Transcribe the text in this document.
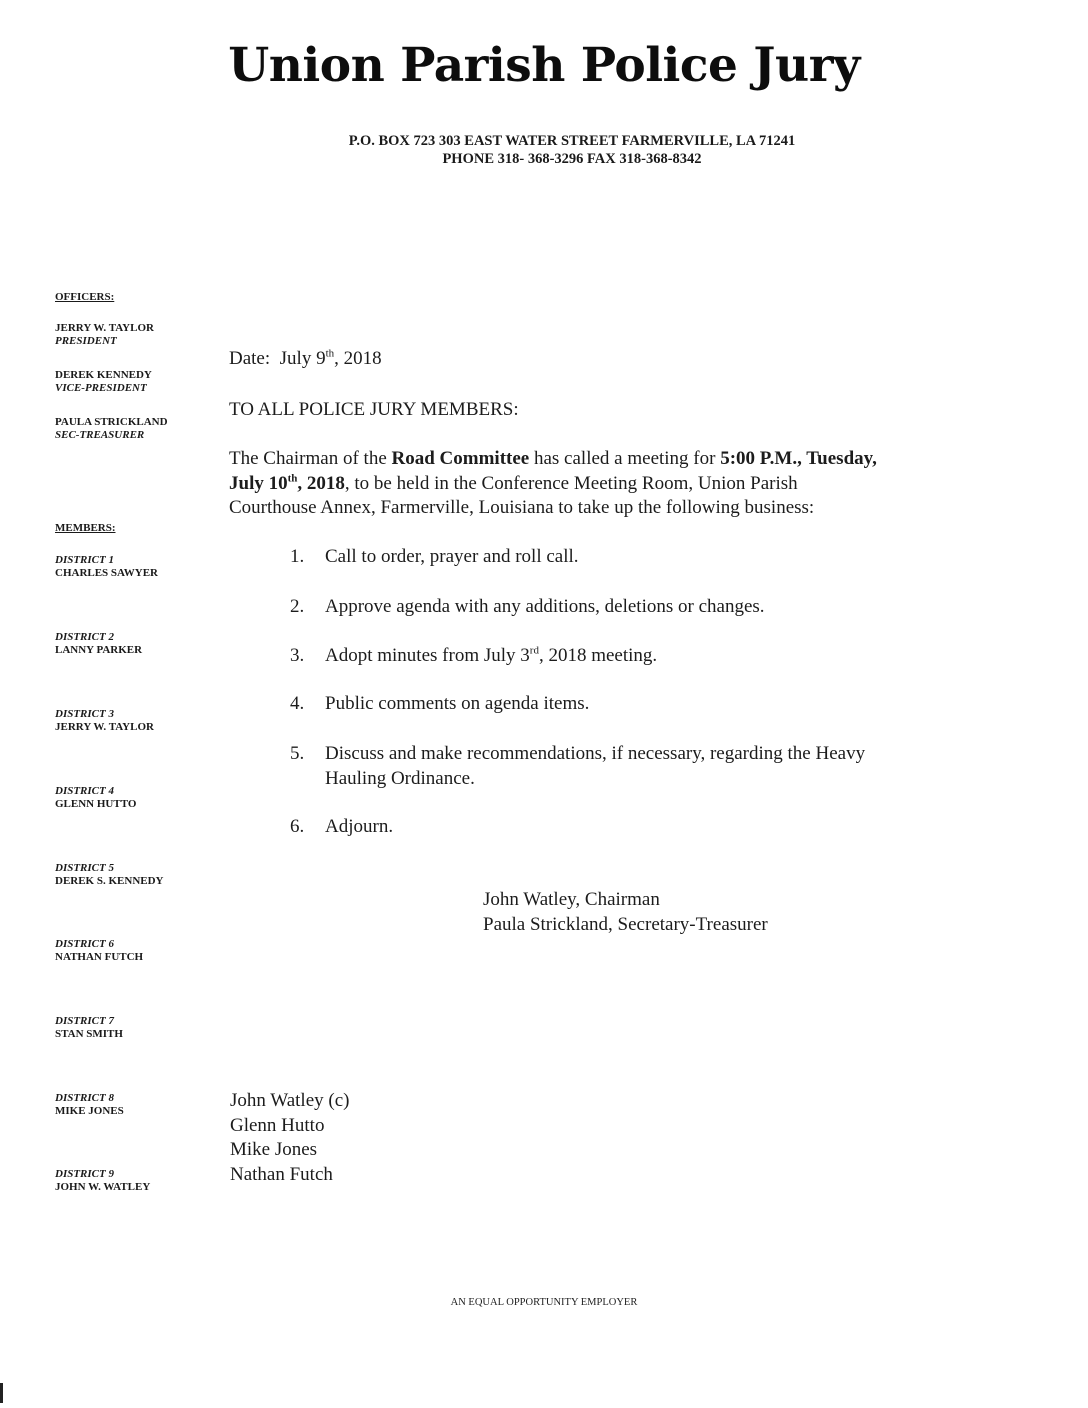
Union Parish Police Jury
P.O. BOX 723 303 EAST WATER STREET FARMERVILLE, LA 71241
PHONE 318- 368-3296 FAX 318-368-8342
OFFICERS:
JERRY W. TAYLOR
PRESIDENT
DEREK KENNEDY
VICE-PRESIDENT
PAULA STRICKLAND
SEC-TREASURER
MEMBERS:
DISTRICT 1
CHARLES SAWYER
DISTRICT 2
LANNY PARKER
DISTRICT 3
JERRY W. TAYLOR
DISTRICT 4
GLENN HUTTO
DISTRICT 5
DEREK S. KENNEDY
DISTRICT 6
NATHAN FUTCH
DISTRICT 7
STAN SMITH
DISTRICT 8
MIKE JONES
DISTRICT 9
JOHN W. WATLEY
Date: July 9th, 2018
TO ALL POLICE JURY MEMBERS:
The Chairman of the Road Committee has called a meeting for 5:00 P.M., Tuesday,
July 10th, 2018, to be held in the Conference Meeting Room, Union Parish
Courthouse Annex, Farmerville, Louisiana to take up the following business:
1. Call to order, prayer and roll call.
2. Approve agenda with any additions, deletions or changes.
3. Adopt minutes from July 3rd, 2018 meeting.
4. Public comments on agenda items.
5. Discuss and make recommendations, if necessary, regarding the Heavy
Hauling Ordinance.
6. Adjourn.
John Watley, Chairman
Paula Strickland, Secretary-Treasurer
John Watley (c)
Glenn Hutto
Mike Jones
Nathan Futch
AN EQUAL OPPORTUNITY EMPLOYER
